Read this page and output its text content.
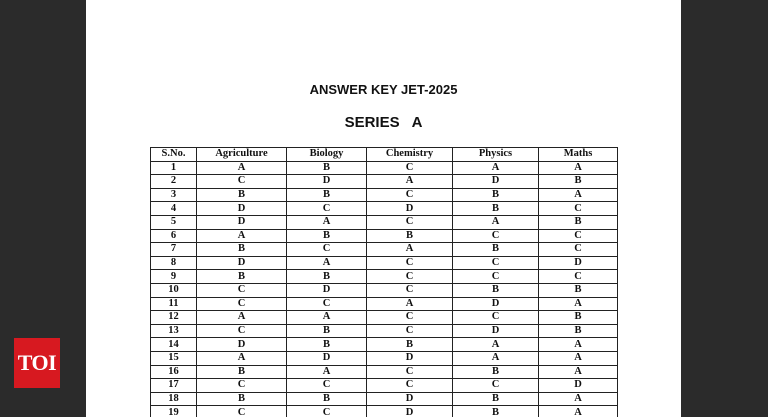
ANSWER KEY JET-2025
SERIES A
S.No.	Agriculture	Biology	Chemistry	Physics	Maths
1	A	B	C	A	A
2	C	D	A	D	B
3	B	B	C	B	A
4	D	C	D	B	C
5	D	A	C	A	B
6	A	B	B	C	C
7	B	C	A	B	C
8	D	A	C	C	D
9	B	B	C	C	C
10	C	D	C	B	B
11	C	C	A	D	A
12	A	A	C	C	B
13	C	B	C	D	B
14	D	B	B	A	A
15	A	D	D	A	A
16	B	A	C	B	A
17	C	C	C	C	D
18	B	B	D	B	A
19	C	C	D	B	A
TOI
